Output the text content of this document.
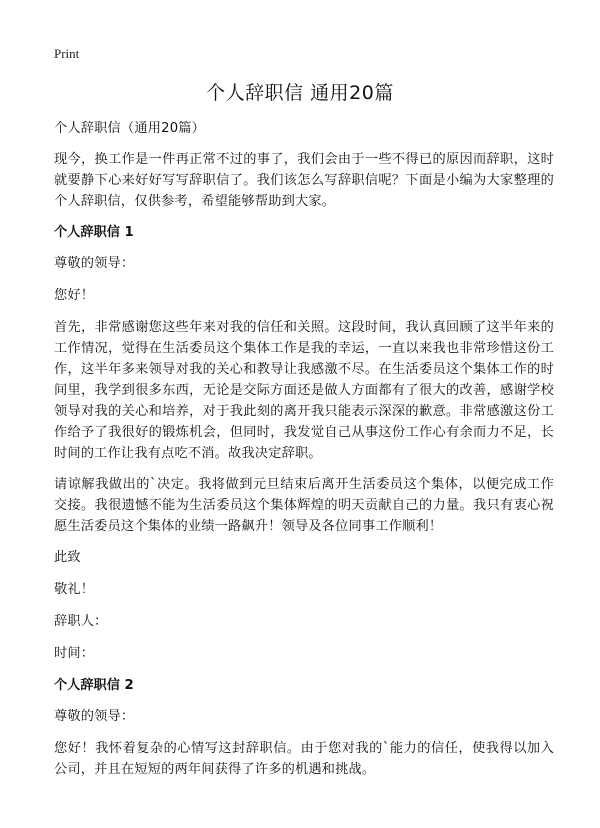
Print
个人辞职信 通用20篇

个人辞职信（通用20篇）

现今，换工作是一件再正常不过的事了，我们会由于一些不得已的原因而辞职，这时就要静下心来好好写写辞职信了。我们该怎么写辞职信呢？下面是小编为大家整理的个人辞职信，仅供参考，希望能够帮助到大家。

个人辞职信 1

尊敬的领导：

您好！

首先，非常感谢您这些年来对我的信任和关照。这段时间，我认真回顾了这半年来的工作情况，觉得在生活委员这个集体工作是我的幸运，一直以来我也非常珍惜这份工作，这半年多来领导对我的关心和教导让我感激不尽。在生活委员这个集体工作的时间里，我学到很多东西，无论是交际方面还是做人方面都有了很大的改善，感谢学校领导对我的关心和培养，对于我此刻的离开我只能表示深深的歉意。非常感激这份工作给予了我很好的锻炼机会，但同时，我发觉自己从事这份工作心有余而力不足，长时间的工作让我有点吃不消。故我决定辞职。

请谅解我做出的`决定。我将做到元旦结束后离开生活委员这个集体，以便完成工作交接。我很遗憾不能为生活委员这个集体辉煌的明天贡献自己的力量。我只有衷心祝愿生活委员这个集体的业绩一路飙升！领导及各位同事工作顺利！

此致

敬礼！

辞职人：

时间：

个人辞职信 2

尊敬的领导：

您好！我怀着复杂的心情写这封辞职信。由于您对我的`能力的信任，使我得以加入公司，并且在短短的两年间获得了许多的机遇和挑战。
